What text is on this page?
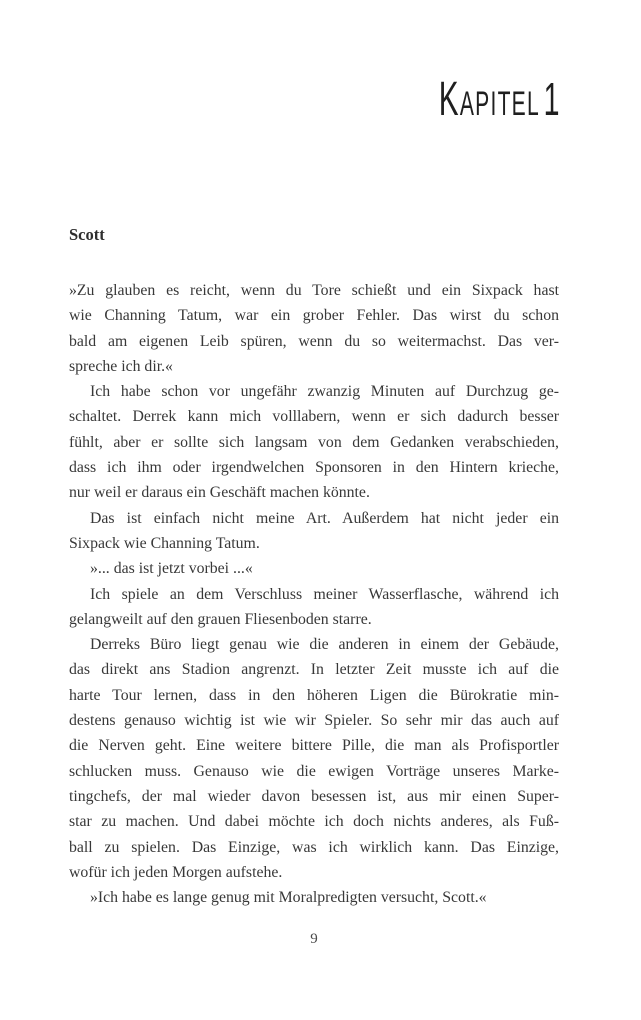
Kapitel1
Scott
»Zu glauben es reicht, wenn du Tore schießt und ein Sixpack hast
wie Channing Tatum, war ein grober Fehler. Das wirst du schon
bald am eigenen Leib spüren, wenn du so weitermachst. Das ver-
spreche ich dir.«
Ich habe schon vor ungefähr zwanzig Minuten auf Durchzug ge-
schaltet. Derrek kann mich volllabern, wenn er sich dadurch besser
fühlt, aber er sollte sich langsam von dem Gedanken verabschieden,
dass ich ihm oder irgendwelchen Sponsoren in den Hintern krieche,
nur weil er daraus ein Geschäft machen könnte.
Das ist einfach nicht meine Art. Außerdem hat nicht jeder ein
Sixpack wie Channing Tatum.
»... das ist jetzt vorbei ...«
Ich spiele an dem Verschluss meiner Wasserflasche, während ich
gelangweilt auf den grauen Fliesenboden starre.
Derreks Büro liegt genau wie die anderen in einem der Gebäude,
das direkt ans Stadion angrenzt. In letzter Zeit musste ich auf die
harte Tour lernen, dass in den höheren Ligen die Bürokratie min-
destens genauso wichtig ist wie wir Spieler. So sehr mir das auch auf
die Nerven geht. Eine weitere bittere Pille, die man als Profisportler
schlucken muss. Genauso wie die ewigen Vorträge unseres Marke-
tingchefs, der mal wieder davon besessen ist, aus mir einen Super-
star zu machen. Und dabei möchte ich doch nichts anderes, als Fuß-
ball zu spielen. Das Einzige, was ich wirklich kann. Das Einzige,
wofür ich jeden Morgen aufstehe.
»Ich habe es lange genug mit Moralpredigten versucht, Scott.«
9
